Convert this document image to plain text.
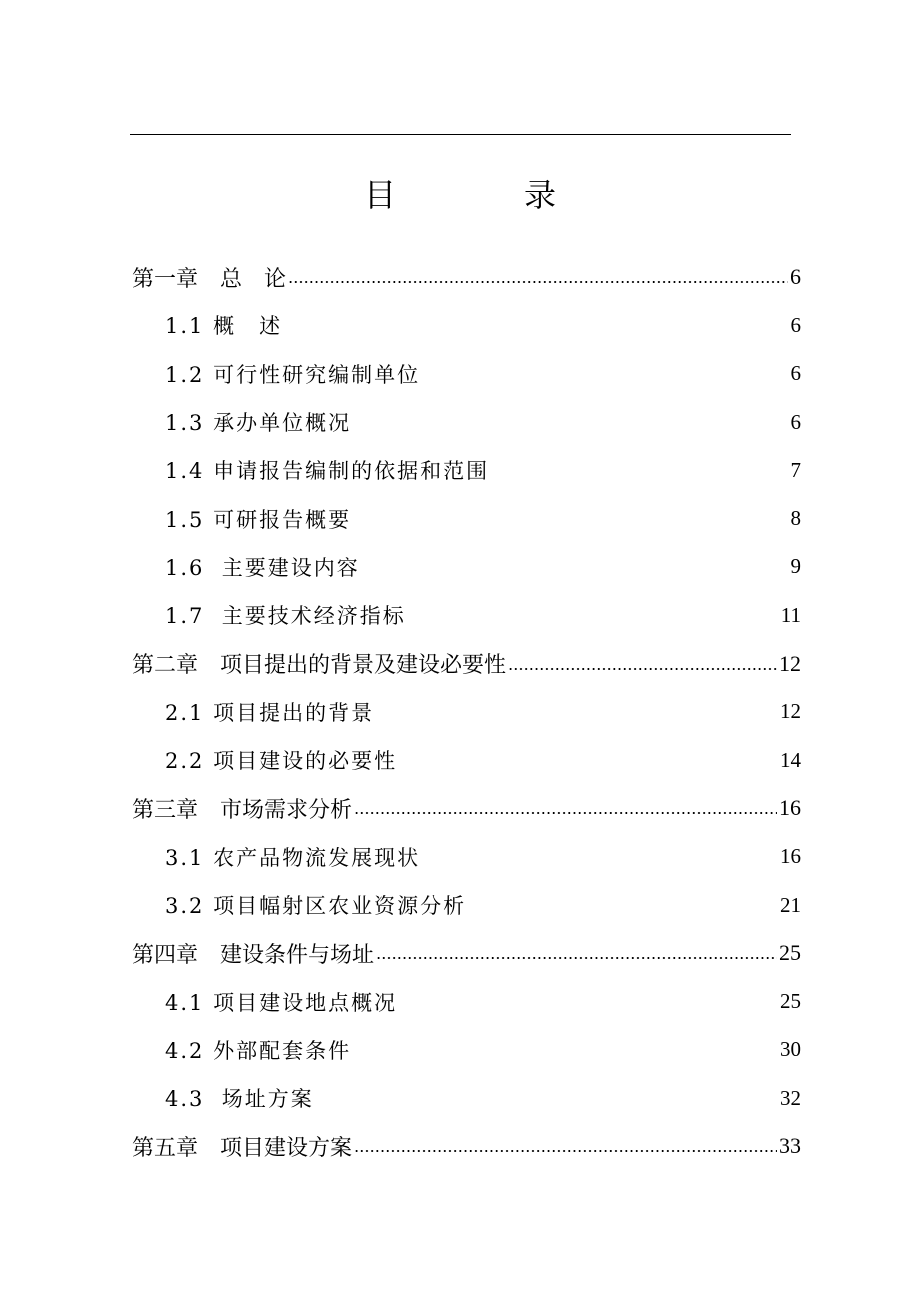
目　录
第一章　总　论	6
1.1 概　述	6
1.2 可行性研究编制单位	6
1.3 承办单位概况	6
1.4 申请报告编制的依据和范围	7
1.5 可研报告概要	8
1.6  主要建设内容	9
1.7  主要技术经济指标	11
第二章　项目提出的背景及建设必要性	12
2.1 项目提出的背景	12
2.2 项目建设的必要性	14
第三章　市场需求分析	16
3.1 农产品物流发展现状	16
3.2 项目幅射区农业资源分析	21
第四章　建设条件与场址	25
4.1 项目建设地点概况	25
4.2 外部配套条件	30
4.3  场址方案	32
第五章　项目建设方案	33
